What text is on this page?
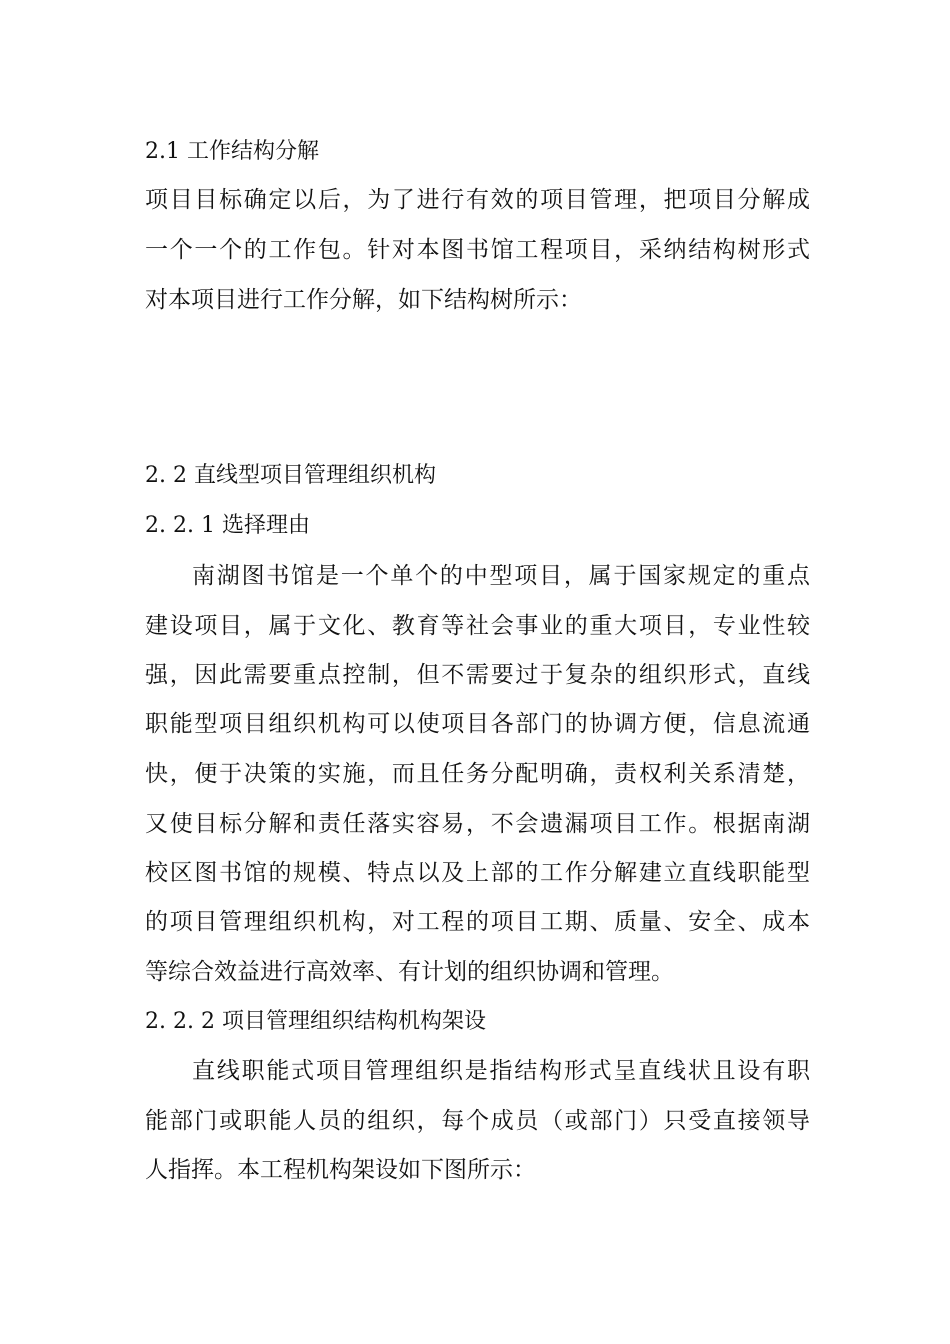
2.1 工作结构分解
项目目标确定以后，为了进行有效的项目管理，把项目分解成
一个一个的工作包。针对本图书馆工程项目，采纳结构树形式
对本项目进行工作分解，如下结构树所示：
2. 2 直线型项目管理组织机构
2. 2. 1 选择理由
南湖图书馆是一个单个的中型项目，属于国家规定的重点
建设项目，属于文化、教育等社会事业的重大项目，专业性较
强，因此需要重点控制，但不需要过于复杂的组织形式，直线
职能型项目组织机构可以使项目各部门的协调方便，信息流通
快，便于决策的实施，而且任务分配明确，责权利关系清楚，
又使目标分解和责任落实容易，不会遗漏项目工作。根据南湖
校区图书馆的规模、特点以及上部的工作分解建立直线职能型
的项目管理组织机构，对工程的项目工期、质量、安全、成本
等综合效益进行高效率、有计划的组织协调和管理。
2. 2. 2 项目管理组织结构机构架设
直线职能式项目管理组织是指结构形式呈直线状且设有职
能部门或职能人员的组织，每个成员（或部门）只受直接领导
人指挥。本工程机构架设如下图所示：
